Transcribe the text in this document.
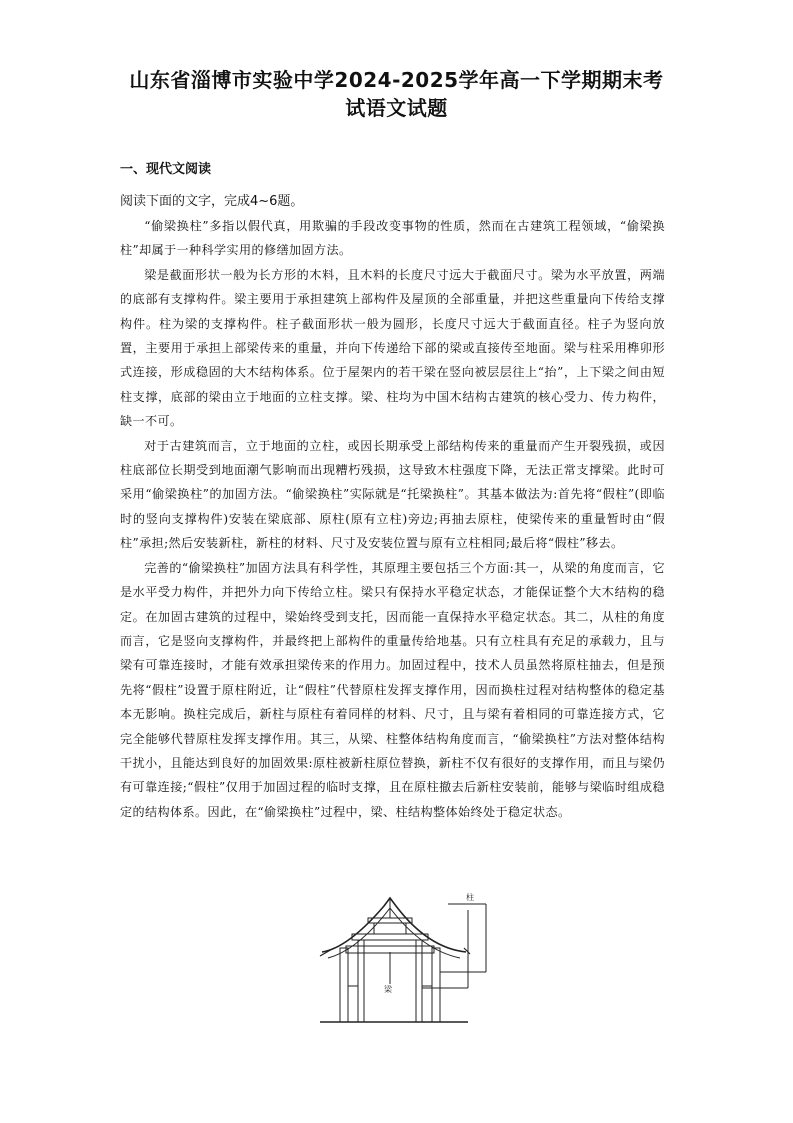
山东省淄博市实验中学2024-2025学年高一下学期期末考
试语文试题
一、现代文阅读
阅读下面的文字，完成4~6题。

“偷梁换柱”多指以假代真，用欺骗的手段改变事物的性质，然而在古建筑工程领域，“偷梁换柱”却属于一种科学实用的修缮加固方法。

梁是截面形状一般为长方形的木料，且木料的长度尺寸远大于截面尺寸。梁为水平放置，两端的底部有支撑构件。梁主要用于承担建筑上部构件及屋顶的全部重量，并把这些重量向下传给支撑构件。柱为梁的支撑构件。柱子截面形状一般为圆形，长度尺寸远大于截面直径。柱子为竖向放置，主要用于承担上部梁传来的重量，并向下传递给下部的梁或直接传至地面。梁与柱采用榫卯形式连接，形成稳固的大木结构体系。位于屋架内的若干梁在竖向被层层往上“抬”，上下梁之间由短柱支撑，底部的梁由立于地面的立柱支撑。梁、柱均为中国木结构古建筑的核心受力、传力构件，缺一不可。

对于古建筑而言，立于地面的立柱，或因长期承受上部结构传来的重量而产生开裂残损，或因柱底部位长期受到地面潮气影响而出现糟朽残损，这导致木柱强度下降，无法正常支撑梁。此时可采用“偷梁换柱”的加固方法。“偷梁换柱”实际就是“托梁换柱”。其基本做法为:首先将“假柱”(即临时的竖向支撑构件)安装在梁底部、原柱(原有立柱)旁边;再抽去原柱，使梁传来的重量暂时由“假柱”承担;然后安装新柱，新柱的材料、尺寸及安装位置与原有立柱相同;最后将“假柱”移去。

完善的“偷梁换柱”加固方法具有科学性，其原理主要包括三个方面:其一，从梁的角度而言，它是水平受力构件，并把外力向下传给立柱。梁只有保持水平稳定状态，才能保证整个大木结构的稳定。在加固古建筑的过程中，梁始终受到支托，因而能一直保持水平稳定状态。其二，从柱的角度而言，它是竖向支撑构件，并最终把上部构件的重量传给地基。只有立柱具有充足的承载力，且与梁有可靠连接时，才能有效承担梁传来的作用力。加固过程中，技术人员虽然将原柱抽去，但是预先将“假柱”设置于原柱附近，让“假柱”代替原柱发挥支撑作用，因而换柱过程对结构整体的稳定基本无影响。换柱完成后，新柱与原柱有着同样的材料、尺寸，且与梁有着相同的可靠连接方式，它完全能够代替原柱发挥支撑作用。其三，从梁、柱整体结构角度而言，“偷梁换柱”方法对整体结构干扰小，且能达到良好的加固效果:原柱被新柱原位替换，新柱不仅有很好的支撑作用，而且与梁仍有可靠连接;“假柱”仅用于加固过程的临时支撑，且在原柱撤去后新柱安装前，能够与梁临时组成稳定的结构体系。因此，在“偷梁换柱”过程中，梁、柱结构整体始终处于稳定状态。

柱
梁
